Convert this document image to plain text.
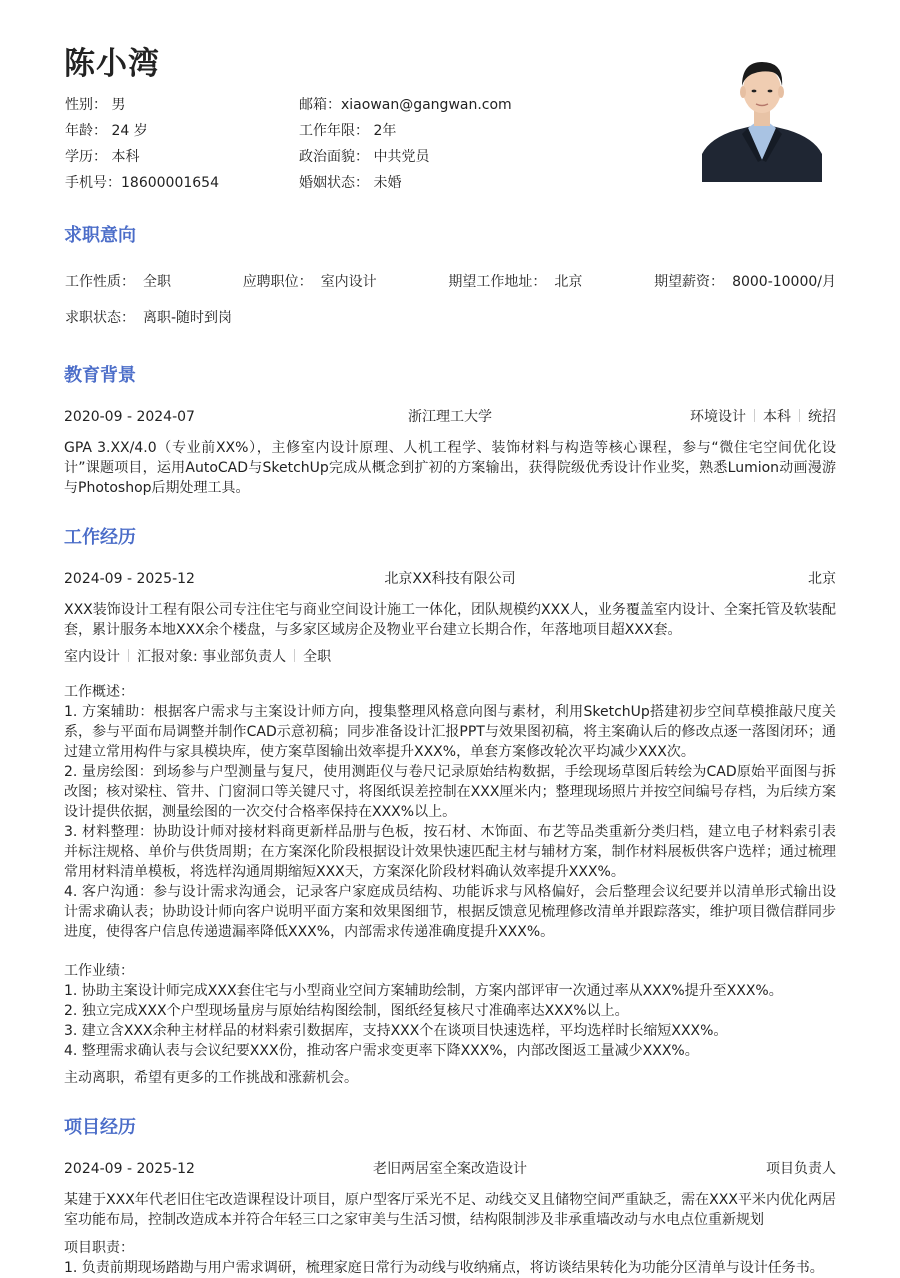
陈小湾
性别： 男	邮箱：xiaowan@gangwan.com
年龄： 24 岁	工作年限： 2年
学历： 本科	政治面貌： 中共党员
手机号：18600001654	婚姻状态： 未婚
求职意向
工作性质： 全职	应聘职位： 室内设计	期望工作地址： 北京	期望薪资： 8000-10000/月
求职状态： 离职-随时到岗
教育背景
2020-09 - 2024-07	浙江理工大学	环境设计 本科 统招

GPA 3.XX/4.0（专业前XX%），主修室内设计原理、人机工程学、装饰材料与构造等核心课程，参与“微住宅空间优化设计”课题项目，运用AutoCAD与SketchUp完成从概念到扩初的方案输出，获得院级优秀设计作业奖，熟悉Lumion动画漫游与Photoshop后期处理工具。

工作经历
2024-09 - 2025-12	北京XX科技有限公司	北京

XXX装饰设计工程有限公司专注住宅与商业空间设计施工一体化，团队规模约XXX人，业务覆盖室内设计、全案托管及软装配套，累计服务本地XXX余个楼盘，与多家区域房企及物业平台建立长期合作，年落地项目超XXX套。

室内设计 汇报对象: 事业部负责人 全职
工作概述：
1. 方案辅助：根据客户需求与主案设计师方向，搜集整理风格意向图与素材，利用SketchUp搭建初步空间草模推敲尺度关系，参与平面布局调整并制作CAD示意初稿；同步准备设计汇报PPT与效果图初稿，将主案确认后的修改点逐一落图闭环；通过建立常用构件与家具模块库，使方案草图输出效率提升XXX%，单套方案修改轮次平均减少XXX次。
2. 量房绘图：到场参与户型测量与复尺，使用测距仪与卷尺记录原始结构数据，手绘现场草图后转绘为CAD原始平面图与拆改图；核对梁柱、管井、门窗洞口等关键尺寸，将图纸误差控制在XXX厘米内；整理现场照片并按空间编号存档，为后续方案设计提供依据，测量绘图的一次交付合格率保持在XXX%以上。
3. 材料整理：协助设计师对接材料商更新样品册与色板，按石材、木饰面、布艺等品类重新分类归档，建立电子材料索引表并标注规格、单价与供货周期；在方案深化阶段根据设计效果快速匹配主材与辅材方案，制作材料展板供客户选样；通过梳理常用材料清单模板，将选样沟通周期缩短XXX天，方案深化阶段材料确认效率提升XXX%。
4. 客户沟通：参与设计需求沟通会，记录客户家庭成员结构、功能诉求与风格偏好，会后整理会议纪要并以清单形式输出设计需求确认表；协助设计师向客户说明平面方案和效果图细节，根据反馈意见梳理修改清单并跟踪落实，维护项目微信群同步进度，使得客户信息传递遗漏率降低XXX%，内部需求传递准确度提升XXX%。
工作业绩：
1. 协助主案设计师完成XXX套住宅与小型商业空间方案辅助绘制，方案内部评审一次通过率从XXX%提升至XXX%。
2. 独立完成XXX个户型现场量房与原始结构图绘制，图纸经复核尺寸准确率达XXX%以上。
3. 建立含XXX余种主材样品的材料索引数据库，支持XXX个在谈项目快速选样，平均选样时长缩短XXX%。
4. 整理需求确认表与会议纪要XXX份，推动客户需求变更率下降XXX%，内部改图返工量减少XXX%。

主动离职，希望有更多的工作挑战和涨薪机会。

项目经历
2024-09 - 2025-12	老旧两居室全案改造设计	项目负责人

某建于XXX年代老旧住宅改造课程设计项目，原户型客厅采光不足、动线交叉且储物空间严重缺乏，需在XXX平米内优化两居室功能布局，控制改造成本并符合年轻三口之家审美与生活习惯，结构限制涉及非承重墙改动与水电点位重新规划

项目职责：
1. 负责前期现场踏勘与用户需求调研，梳理家庭日常行为动线与收纳痛点，将访谈结果转化为功能分区清单与设计任务书。
